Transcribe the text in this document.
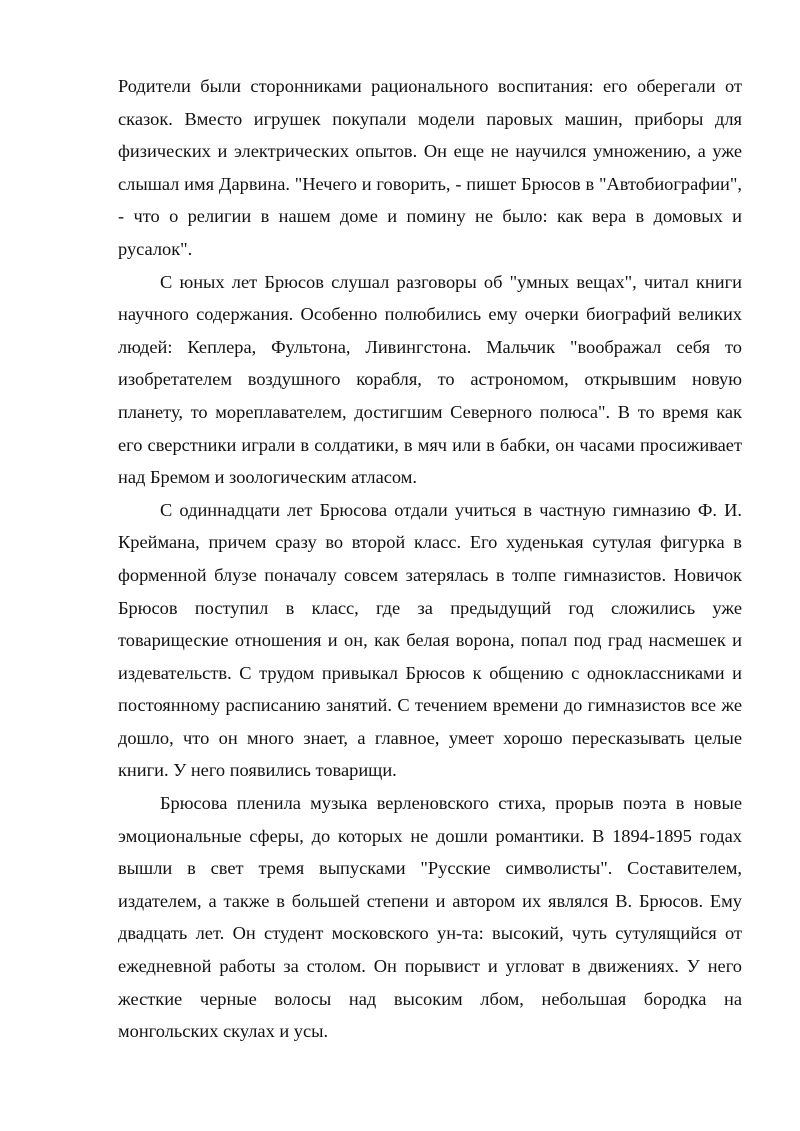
Родители были сторонниками рационального воспитания: его оберегали от сказок. Вместо игрушек покупали модели паровых машин, приборы для физических и электрических опытов. Он еще не научился умножению, а уже слышал имя Дарвина. "Нечего и говорить, - пишет Брюсов в "Автобиографии", - что о религии в нашем доме и помину не было: как вера в домовых и русалок".

С юных лет Брюсов слушал разговоры об "умных вещах", читал книги научного содержания. Особенно полюбились ему очерки биографий великих людей: Кеплера, Фультона, Ливингстона. Мальчик "воображал себя то изобретателем воздушного корабля, то астрономом, открывшим новую планету, то мореплавателем, достигшим Северного полюса". В то время как его сверстники играли в солдатики, в мяч или в бабки, он часами просиживает над Бремом и зоологическим атласом.

С одиннадцати лет Брюсова отдали учиться в частную гимназию Ф. И. Креймана, причем сразу во второй класс. Его худенькая сутулая фигурка в форменной блузе поначалу совсем затерялась в толпе гимназистов. Новичок Брюсов поступил в класс, где за предыдущий год сложились уже товарищеские отношения и он, как белая ворона, попал под град насмешек и издевательств. С трудом привыкал Брюсов к общению с одноклассниками и постоянному расписанию занятий. С течением времени до гимназистов все же дошло, что он много знает, а главное, умеет хорошо пересказывать целые книги. У него появились товарищи.

Брюсова пленила музыка верленовского стиха, прорыв поэта в новые эмоциональные сферы, до которых не дошли романтики. В 1894-1895 годах вышли в свет тремя выпусками "Русские символисты". Составителем, издателем, а также в большей степени и автором их являлся В. Брюсов. Ему двадцать лет. Он студент московского ун-та: высокий, чуть сутулящийся от ежедневной работы за столом. Он порывист и угловат в движениях. У него жесткие черные волосы над высоким лбом, небольшая бородка на монгольских скулах и усы.
